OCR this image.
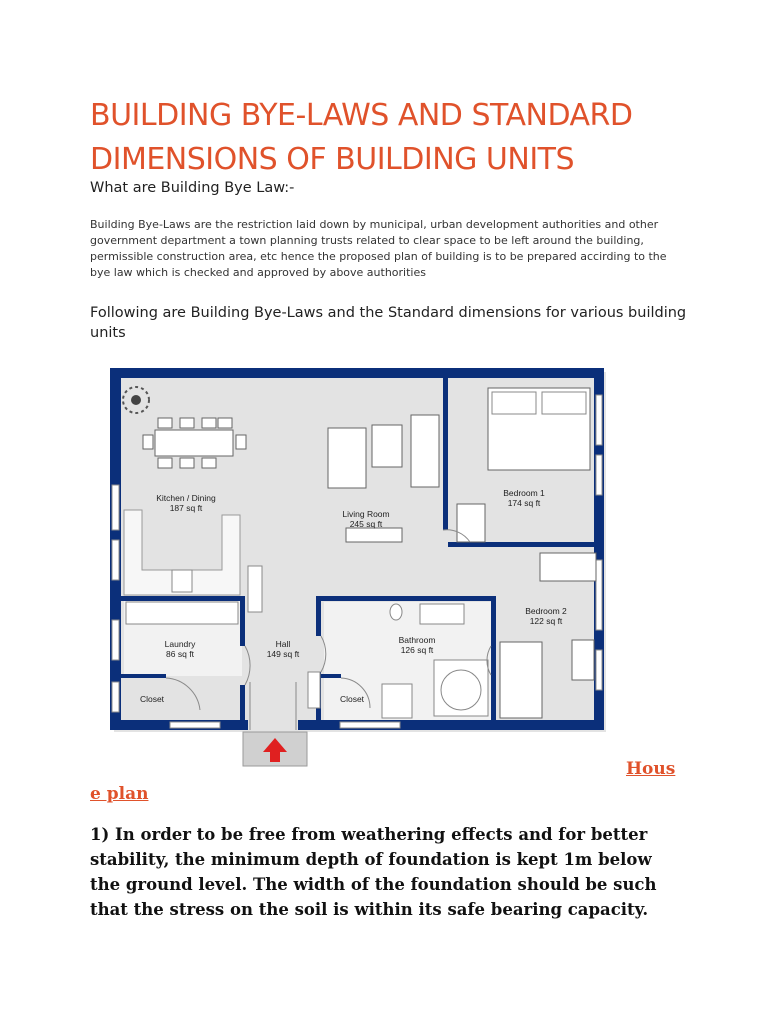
BUILDING BYE-LAWS AND STANDARD DIMENSIONS OF BUILDING UNITS
What are Building Bye Law:-
Building Bye-Laws are the restriction laid down by municipal, urban development authorities and other government department a town planning trusts related to clear space to be left around the building, permissible construction area, etc hence the proposed plan of building is to be prepared accirding to the bye law which is checked and approved by above authorities
Following are Building Bye-Laws and the Standard dimensions for various building units
Kitchen / Dining
187 sq ft
Living Room
245 sq ft
Bedroom 1
174 sq ft
Bedroom 2
122 sq ft
Laundry
86 sq ft
Hall
149 sq ft
Bathroom
126 sq ft
Closet	Closet
Hous
e plan
1) In order to be free from weathering effects and for better stability, the minimum depth of foundation is kept 1m below the ground level. The width of the foundation should be such that the stress on the soil is within its safe bearing capacity.
